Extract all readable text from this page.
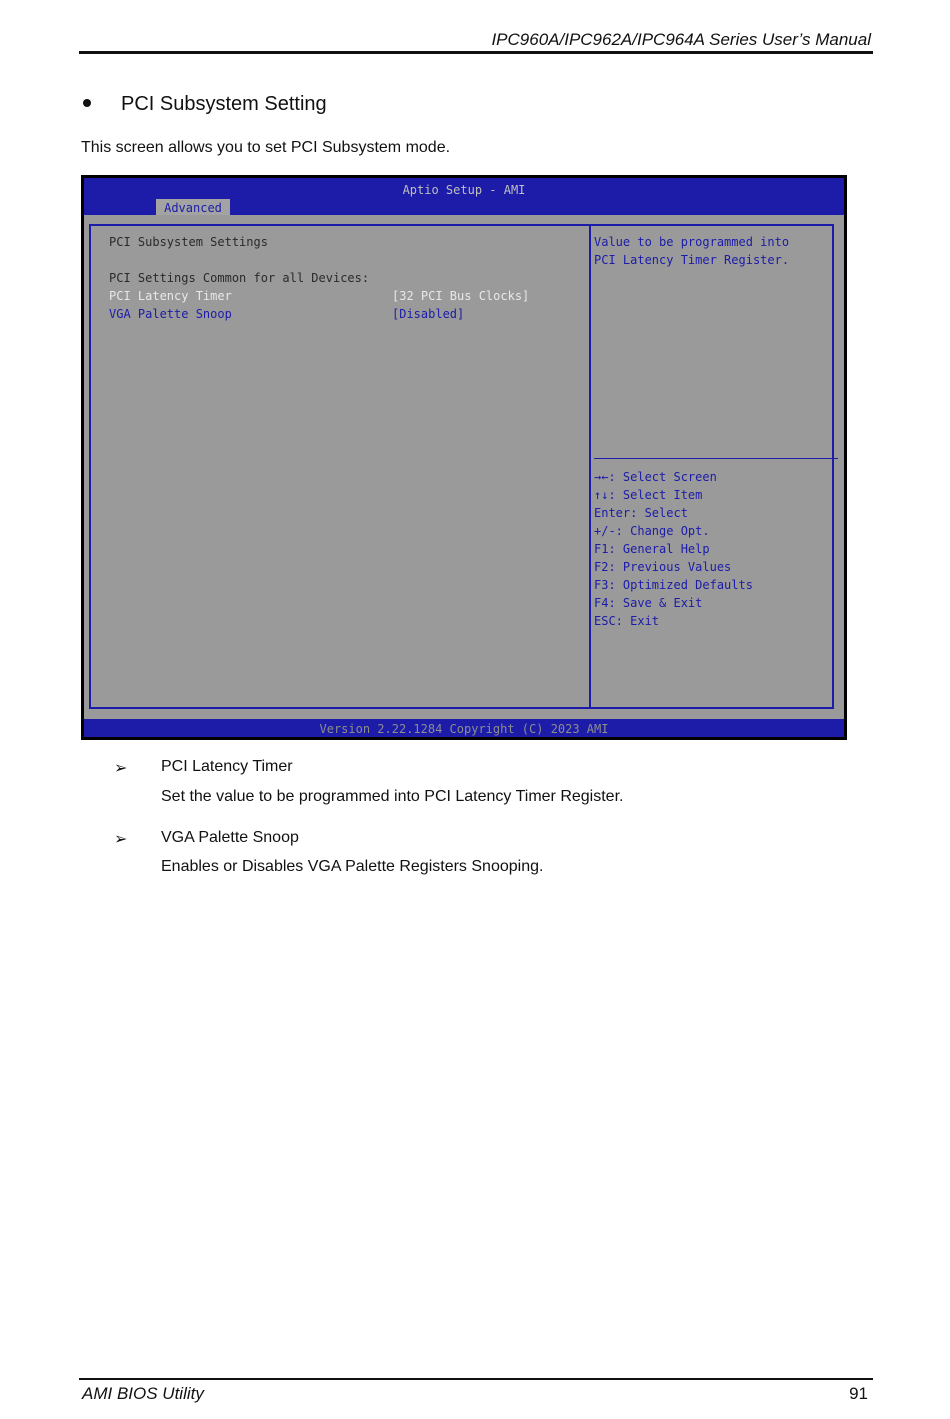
IPC960A/IPC962A/IPC964A Series User’s Manual
PCI Subsystem Setting
This screen allows you to set PCI Subsystem mode.
Aptio Setup - AMI
Advanced
PCI Subsystem Settings
PCI Settings Common for all Devices:
PCI Latency Timer	[32 PCI Bus Clocks]
VGA Palette Snoop	[Disabled]
Value to be programmed into
PCI Latency Timer Register.
→←: Select Screen
↑↓: Select Item
Enter: Select
+/-: Change Opt.
F1: General Help
F2: Previous Values
F3: Optimized Defaults
F4: Save & Exit
ESC: Exit
Version 2.22.1284 Copyright (C) 2023 AMI
➢ PCI Latency Timer
Set the value to be programmed into PCI Latency Timer Register.
➢ VGA Palette Snoop
Enables or Disables VGA Palette Registers Snooping.
AMI BIOS Utility	91
